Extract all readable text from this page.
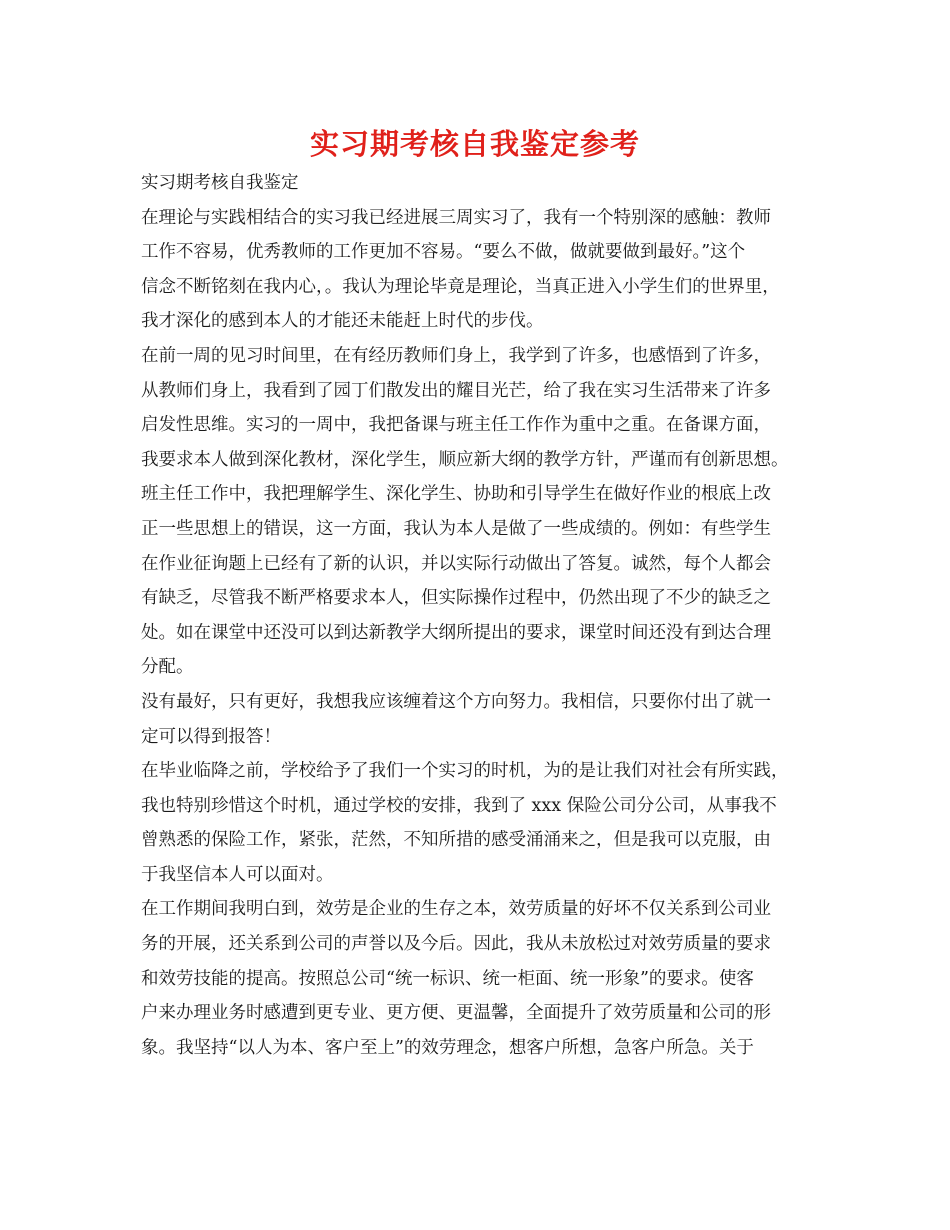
实习期考核自我鉴定参考
实习期考核自我鉴定
在理论与实践相结合的实习我已经进展三周实习了，我有一个特别深的感触：教师
工作不容易，优秀教师的工作更加不容易。“要么不做，做就要做到最好。”这个
信念不断铭刻在我内心，。我认为理论毕竟是理论，当真正进入小学生们的世界里，
我才深化的感到本人的才能还未能赶上时代的步伐。
在前一周的见习时间里，在有经历教师们身上，我学到了许多，也感悟到了许多，
从教师们身上，我看到了园丁们散发出的耀目光芒，给了我在实习生活带来了许多
启发性思维。实习的一周中，我把备课与班主任工作作为重中之重。在备课方面，
我要求本人做到深化教材，深化学生，顺应新大纲的教学方针，严谨而有创新思想。
班主任工作中，我把理解学生、深化学生、协助和引导学生在做好作业的根底上改
正一些思想上的错误，这一方面，我认为本人是做了一些成绩的。例如：有些学生
在作业征询题上已经有了新的认识，并以实际行动做出了答复。诚然，每个人都会
有缺乏，尽管我不断严格要求本人，但实际操作过程中，仍然出现了不少的缺乏之
处。如在课堂中还没可以到达新教学大纲所提出的要求，课堂时间还没有到达合理
分配。
没有最好，只有更好，我想我应该缠着这个方向努力。我相信，只要你付出了就一
定可以得到报答！
在毕业临降之前，学校给予了我们一个实习的时机，为的是让我们对社会有所实践，
我也特别珍惜这个时机，通过学校的安排，我到了 xxx 保险公司分公司，从事我不
曾熟悉的保险工作，紧张，茫然，不知所措的感受涌涌来之，但是我可以克服，由
于我坚信本人可以面对。
在工作期间我明白到，效劳是企业的生存之本，效劳质量的好坏不仅关系到公司业
务的开展，还关系到公司的声誉以及今后。因此，我从未放松过对效劳质量的要求
和效劳技能的提高。按照总公司“统一标识、统一柜面、统一形象”的要求。使客
户来办理业务时感遭到更专业、更方便、更温馨，全面提升了效劳质量和公司的形
象。我坚持“以人为本、客户至上”的效劳理念，想客户所想，急客户所急。关于
